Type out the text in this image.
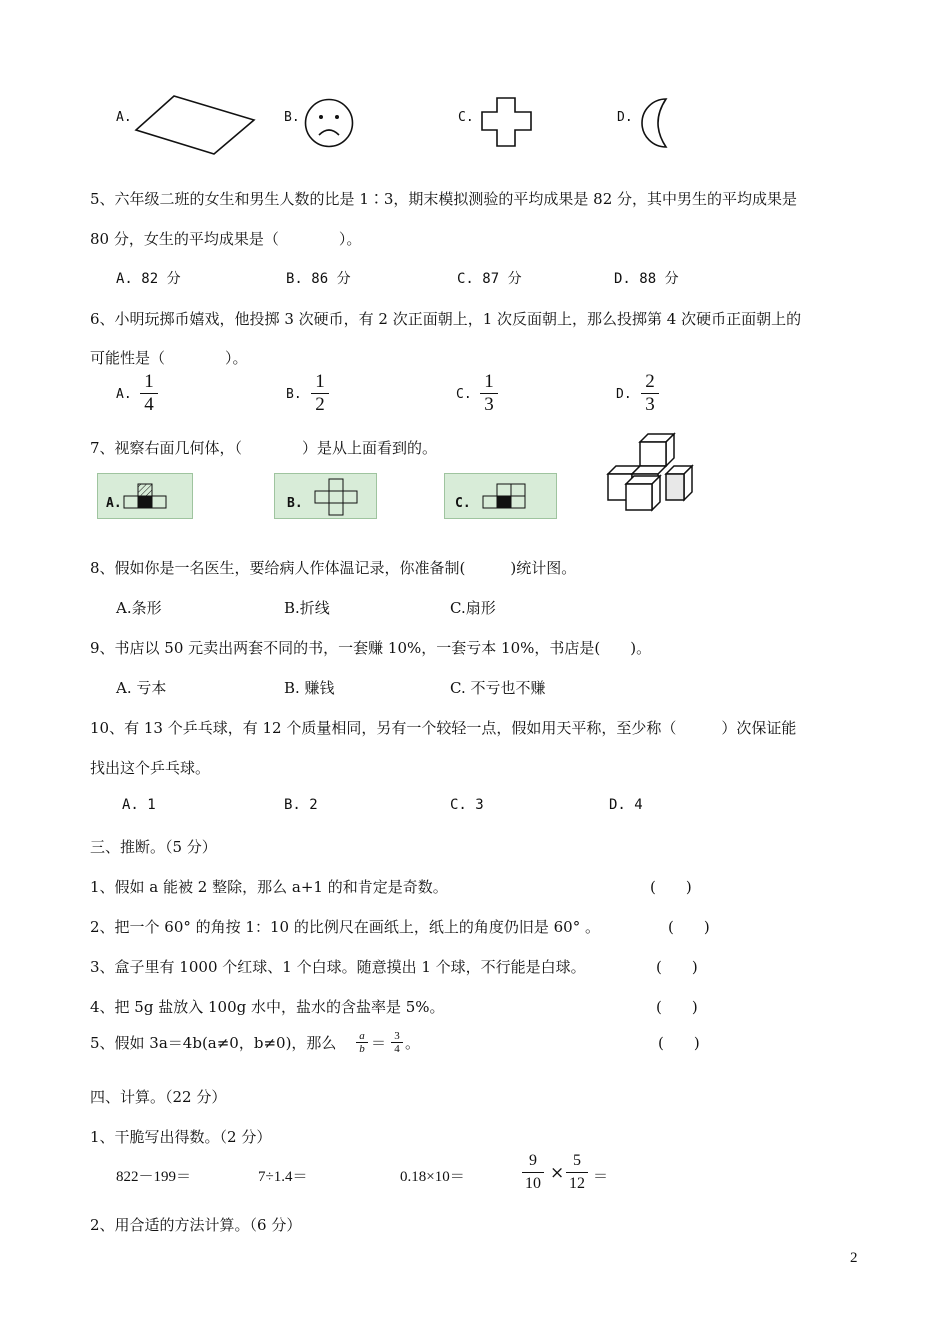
A.	B.	C.	D.
5、六年级二班的女生和男生人数的比是 1∶3，期末模拟测验的平均成果是 82 分，其中男生的平均成果是
80 分，女生的平均成果是（　　　　）。
A. 82 分	B. 86 分	C. 87 分	D. 88 分
6、小明玩掷币嬉戏，他投掷 3 次硬币，有 2 次正面朝上，1 次反面朝上，那么投掷第 4 次硬币正面朝上的
可能性是（　　　　）。
A.
1
4	B.
1
2	C.
1
3	D.
2
3
7、视察右面几何体，（　　　　）是从上面看到的。
A.	B.	C.
8、假如你是一名医生，要给病人作体温记录，你准备制(　　　)统计图。
A.条形	B.折线	C.扇形
9、书店以 50 元卖出两套不同的书，一套赚 10%，一套亏本 10%，书店是(　　)。
A. 亏本	B. 赚钱	C. 不亏也不赚
10、有 13 个乒乓球，有 12 个质量相同，另有一个较轻一点，假如用天平称，至少称（　　　）次保证能
找出这个乒乓球。
A. 1	B. 2	C. 3	D. 4
三、推断。（5 分）
1、假如 a 能被 2 整除，那么 a+1 的和肯定是奇数。	(　　)
2、把一个 60° 的角按 1：10 的比例尺在画纸上，纸上的角度仍旧是 60° 。	(　　)
3、盒子里有 1000 个红球、1 个白球。随意摸出 1 个球，不行能是白球。	(　　)
4、把 5g 盐放入 100g 水中，盐水的含盐率是 5%。	(　　)
5、假如 3a＝4b(a≠0，b≠0)，那么 a
b ＝ 3
4 。	(　　)
四、计算。（22 分）
1、干脆写出得数。（2 分）
822－199＝	7÷1.4＝	0.18×10＝
9
10
×
5
12 ＝
2、用合适的方法计算。（6 分）
2
